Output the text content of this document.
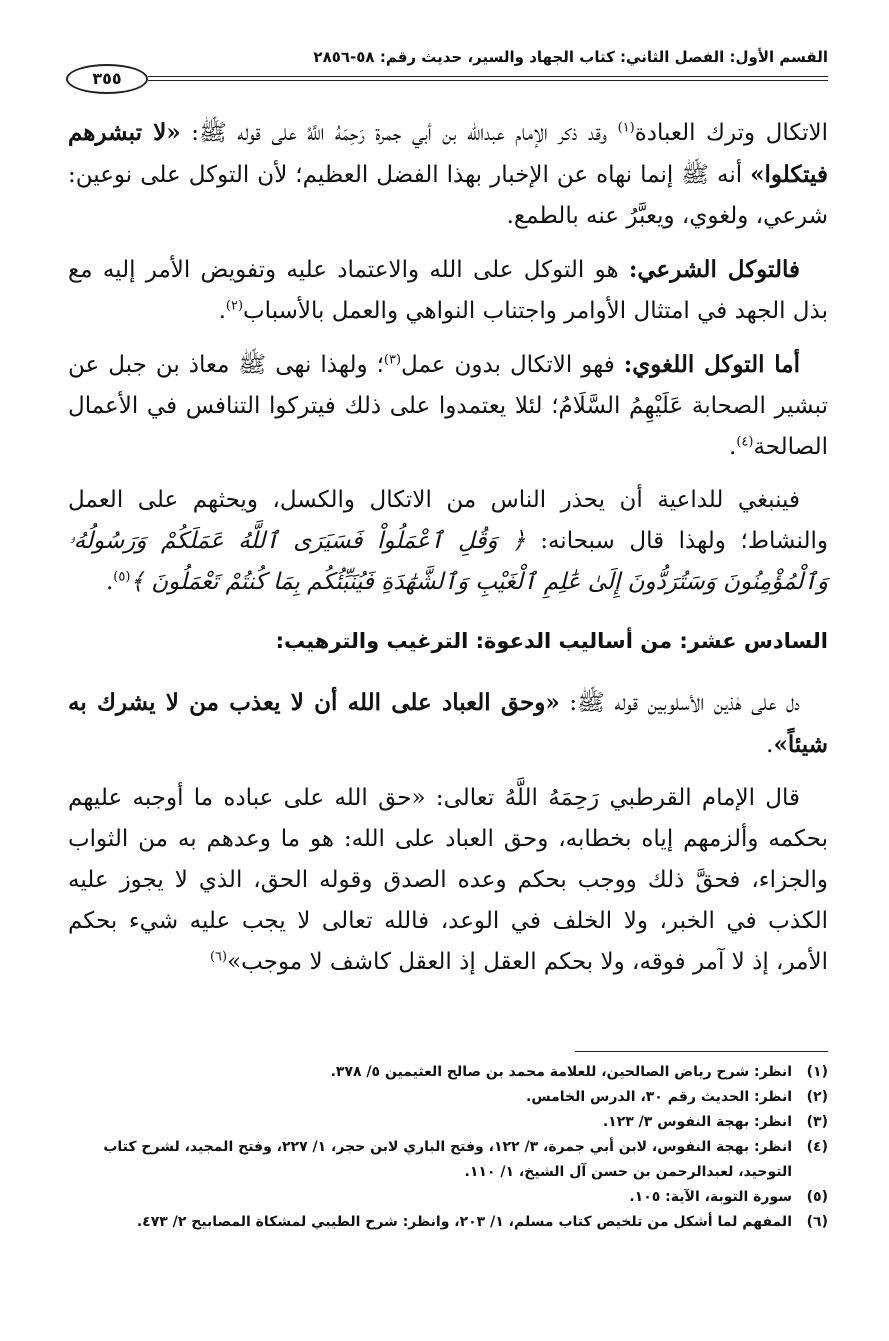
القسم الأول: الفصل الثاني: كتاب الجهاد والسير، حديث رقم: ٥٨-٢٨٥٦
٣٥٥

الاتكال وترك العبادة$^{(١)}$ وقد ذكر الإمام عبدالله بن أبي جمرة رَحِمَهُ اللَّهُ على قوله ﷺ: «لا تبشرهم فيتكلوا» أنه ﷺ إنما نهاه عن الإخبار بهذا الفضل العظيم؛ لأن التوكل على نوعين: شرعي، ولغوي، ويعبَّرُ عنه بالطمع.

فالتوكل الشرعي: هو التوكل على الله والاعتماد عليه وتفويض الأمر إليه مع بذل الجهد في امتثال الأوامر واجتناب النواهي والعمل بالأسباب$^{(٢)}$.

أما التوكل اللغوي: فهو الاتكال بدون عمل$^{(٣)}$؛ ولهذا نهى ﷺ معاذ بن جبل عن تبشير الصحابة عَلَيْهِمُ السَّلَامُ؛ لئلا يعتمدوا على ذلك فيتركوا التنافس في الأعمال الصالحة$^{(٤)}$.

فينبغي للداعية أن يحذر الناس من الاتكال والكسل، ويحثهم على العمل والنشاط؛ ولهذا قال سبحانه: ﴿ وَقُلِ ٱعْمَلُواْ فَسَيَرَى ٱللَّهُ عَمَلَكُمْ وَرَسُولُهُۥ وَٱلْمُؤْمِنُونَ وَسَتُرَدُّونَ إِلَىٰ عَٰلِمِ ٱلْغَيْبِ وَٱلشَّهَٰدَةِ فَيُنَبِّئُكُم بِمَا كُنتُمْ تَعْمَلُونَ ﴾$^{(٥)}$.

السادس عشر: من أساليب الدعوة: الترغيب والترهيب:

دل على هٰذين الأسلوبين قوله ﷺ: «وحق العباد على الله أن لا يعذب من لا يشرك به شيئاً».

قال الإمام القرطبي رَحِمَهُ اللَّهُ تعالى: «حق الله على عباده ما أوجبه عليهم بحكمه وألزمهم إياه بخطابه، وحق العباد على الله: هو ما وعدهم به من الثواب والجزاء، فحقَّ ذلك ووجب بحكم وعده الصدق وقوله الحق، الذي لا يجوز عليه الكذب في الخبر، ولا الخلف في الوعد، فالله تعالى لا يجب عليه شيء بحكم الأمر، إذ لا آمر فوقه، ولا بحكم العقل إذ العقل كاشف لا موجب»$^{(٦)}$

(١)
انظر: شرح رياض الصالحين، للعلامة محمد بن صالح العثيمين ٥/ ٣٧٨.

(٢)
انظر: الحديث رقم ٣٠، الدرس الخامس.

(٣)
انظر: بهجة النفوس ٣/ ١٢٣.

(٤)
انظر: بهجة النفوس، لابن أبي جمرة، ٣/ ١٢٢، وفتح الباري لابن حجر، ١/ ٢٢٧، وفتح المجيد، لشرح كتاب التوحيد، لعبدالرحمن بن حسن آل الشيخ، ١/ ١١٠.

(٥)
سورة التوبة، الآية: ١٠٥.

(٦)
المفهم لما أشكل من تلخيص كتاب مسلم، ١/ ٢٠٣، وانظر: شرح الطيبي لمشكاة المصابيح ٢/ ٤٧٣.
